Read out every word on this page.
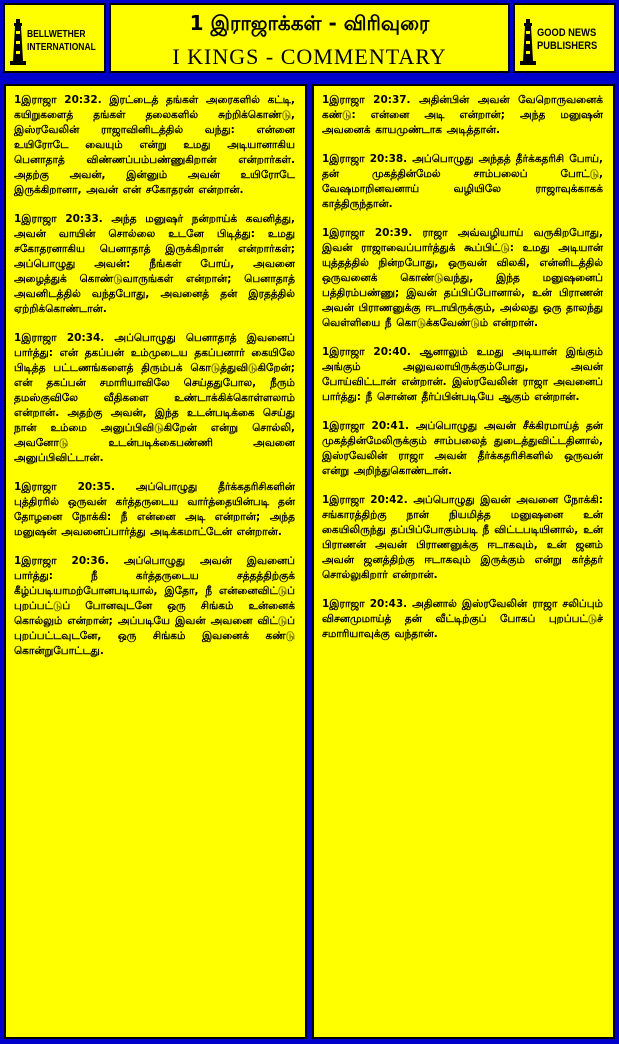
BELLWETHER
INTERNATIONAL
1 இராஜாக்கள் - விரிவுரை
I KINGS - COMMENTARY
GOOD NEWS
PUBLISHERS

1இராஜா 20:32. இரட்டைத் தங்கள் அரைகளில் கட்டி, கயிறுகளைத் தங்கள் தலைகளில் சுற்றிக்கொண்டு, இஸ்ரவேலின் ராஜாவினிடத்தில் வந்து: என்னை உயிரோடே வையும் என்று உமது அடியானாகிய பெனாதாத் விண்ணப்பம்பண்ணுகிறான் என்றார்கள். அதற்கு அவன், இன்னும் அவன் உயிரோடே இருக்கிறானா, அவன் என் சகோதரன் என்றான்.

1இராஜா 20:33. அந்த மனுஷர் நன்றாய்க் கவனித்து, அவன் வாயின் சொல்லை உடனே பிடித்து: உமது சகோதரனாகிய பெனாதாத் இருக்கிறான் என்றார்கள்; அப்பொழுது அவன்: நீங்கள் போய், அவனை அழைத்துக் கொண்டுவாருங்கள் என்றான்; பெனாதாத் அவனிடத்தில் வந்தபோது, அவனைத் தன் இரதத்தில் ஏற்றிக்கொண்டான்.

1இராஜா 20:34. அப்பொழுது பெனாதாத் இவனைப் பார்த்து: என் தகப்பன் உம்முடைய தகப்பனார் கையிலே பிடித்த பட்டணங்களைத் திரும்பக் கொடுத்துவிடுகிறேன்; என் தகப்பன் சமாரியாவிலே செய்ததுபோல, நீரும் தமஸ்குவிலே வீதிகளை உண்டாக்கிக்கொள்ளலாம் என்றான். அதற்கு அவன், இந்த உடன்படிக்கை செய்து நான் உம்மை அனுப்பிவிடுகிறேன் என்று சொல்லி, அவனோடு உடன்படிக்கைபண்ணி அவனை அனுப்பிவிட்டான்.

1இராஜா 20:35. அப்பொழுது தீர்க்கதரிசிகளின் புத்திரரில் ஒருவன் கர்த்தருடைய வார்த்தையின்படி தன் தோழனை நோக்கி: நீ என்னை அடி என்றான்; அந்த மனுஷன் அவனைப்பார்த்து அடிக்கமாட்டேன் என்றான்.

1இராஜா 20:36. அப்பொழுது அவன் இவனைப் பார்த்து: நீ கர்த்தருடைய சத்தத்திற்குக் கீழ்ப்படியாமற்போனபடியால், இதோ, நீ என்னைவிட்டுப் புறப்பட்டுப் போனவுடனே ஒரு சிங்கம் உன்னைக் கொல்லும் என்றான்; அப்படியே இவன் அவனை விட்டுப் புறப்பட்டவுடனே, ஒரு சிங்கம் இவனைக் கண்டு கொன்றுபோட்டது.

1இராஜா 20:37. அதின்பின் அவன் வேறொருவனைக் கண்டு: என்னை அடி என்றான்; அந்த மனுஷன் அவனைக் காயமுண்டாக அடித்தான்.

1இராஜா 20:38. அப்பொழுது அந்தத் தீர்க்கதரிசி போய், தன் முகத்தின்மேல் சாம்பலைப் போட்டு, வேஷமாறினவனாய் வழியிலே ராஜாவுக்காகக் காத்திருந்தான்.

1இராஜா 20:39. ராஜா அவ்வழியாய் வருகிறபோது, இவன் ராஜாவைப்பார்த்துக் கூப்பிட்டு: உமது அடியான் யுத்தத்தில் நின்றபோது, ஒருவன் விலகி, என்னிடத்தில் ஒருவனைக் கொண்டுவந்து, இந்த மனுஷனைப் பத்திரம்பண்ணு; இவன் தப்பிப்போனால், உன் பிராணன் அவன் பிராணனுக்கு ஈடாயிருக்கும், அல்லது ஒரு தாலந்து வெள்ளியை நீ கொடுக்கவேண்டும் என்றான்.

1இராஜா 20:40. ஆனாலும் உமது அடியான் இங்கும் அங்கும் அலுவலாயிருக்கும்போது, அவன் போய்விட்டான் என்றான். இஸ்ரவேலின் ராஜா அவனைப் பார்த்து: நீ சொன்ன தீர்ப்பின்படியே ஆகும் என்றான்.

1இராஜா 20:41. அப்பொழுது அவன் சீக்கிரமாய்த் தன் முகத்தின்மேலிருக்கும் சாம்பலைத் துடைத்துவிட்டதினால், இஸ்ரவேலின் ராஜா அவன் தீர்க்கதரிசிகளில் ஒருவன் என்று அறிந்துகொண்டான்.

1இராஜா 20:42. அப்பொழுது இவன் அவனை நோக்கி: சங்காரத்திற்கு நான் நியமித்த மனுஷனை உன் கையிலிருந்து தப்பிப்போகும்படி நீ விட்டபடியினால், உன் பிராணன் அவன் பிராணனுக்கு ஈடாகவும், உன் ஜனம் அவன் ஜனத்திற்கு ஈடாகவும் இருக்கும் என்று கர்த்தர் சொல்லுகிறார் என்றான்.

1இராஜா 20:43. அதினால் இஸ்ரவேலின் ராஜா சலிப்பும் விசனமுமாய்த் தன் வீட்டிற்குப் போகப் புறப்பட்டுச் சமாரியாவுக்கு வந்தான்.
